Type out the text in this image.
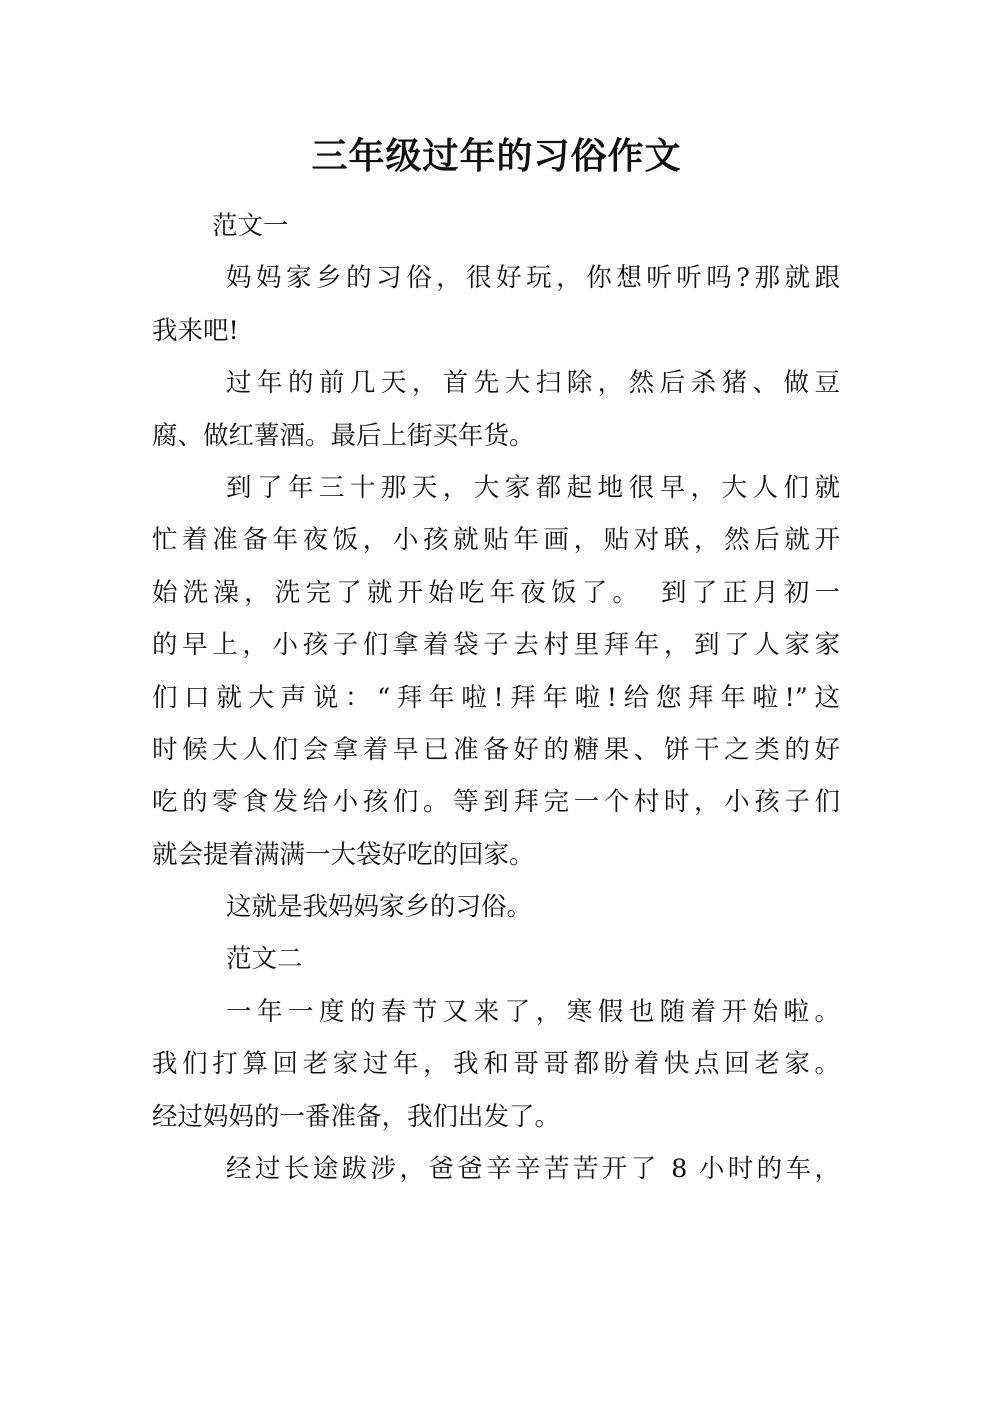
三年级过年的习俗作文
范文一
妈妈家乡的习俗，很好玩，你想听听吗?那就跟
我来吧!
过年的前几天，首先大扫除，然后杀猪、做豆
腐、做红薯酒。最后上街买年货。
到了年三十那天，大家都起地很早，大人们就
忙着准备年夜饭，小孩就贴年画，贴对联，然后就开
始洗澡，洗完了就开始吃年夜饭了。　到了正月初一
的早上，小孩子们拿着袋子去村里拜年，到了人家家
们口就大声说：“拜年啦!拜年啦!给您拜年啦!”这
时候大人们会拿着早已准备好的糖果、饼干之类的好
吃的零食发给小孩们。等到拜完一个村时，小孩子们
就会提着满满一大袋好吃的回家。
这就是我妈妈家乡的习俗。
范文二
一年一度的春节又来了，寒假也随着开始啦。
我们打算回老家过年，我和哥哥都盼着快点回老家。
经过妈妈的一番准备，我们出发了。
经过长途跋涉，爸爸辛辛苦苦开了 8 小时的车，
